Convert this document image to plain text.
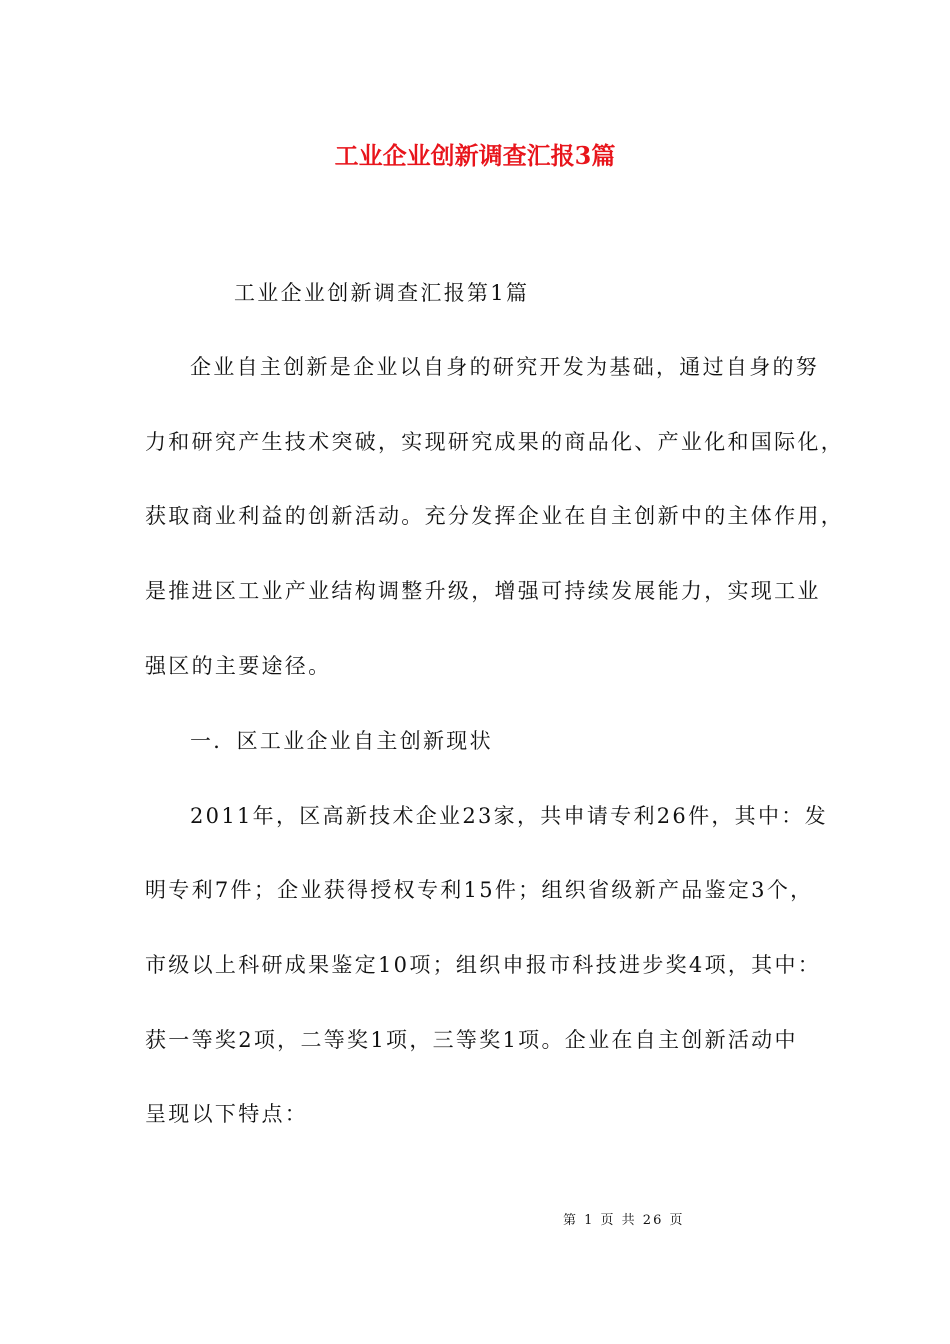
工业企业创新调查汇报3篇
工业企业创新调查汇报第1篇
企业自主创新是企业以自身的研究开发为基础，通过自身的努
力和研究产生技术突破，实现研究成果的商品化、产业化和国际化，
获取商业利益的创新活动。充分发挥企业在自主创新中的主体作用，
是推进区工业产业结构调整升级，增强可持续发展能力，实现工业
强区的主要途径。
一．区工业企业自主创新现状
2011年，区高新技术企业23家，共申请专利26件，其中：发
明专利7件；企业获得授权专利15件；组织省级新产品鉴定3个，
市级以上科研成果鉴定10项；组织申报市科技进步奖4项，其中：
获一等奖2项，二等奖1项，三等奖1项。企业在自主创新活动中
呈现以下特点：
第 1 页 共 26 页
